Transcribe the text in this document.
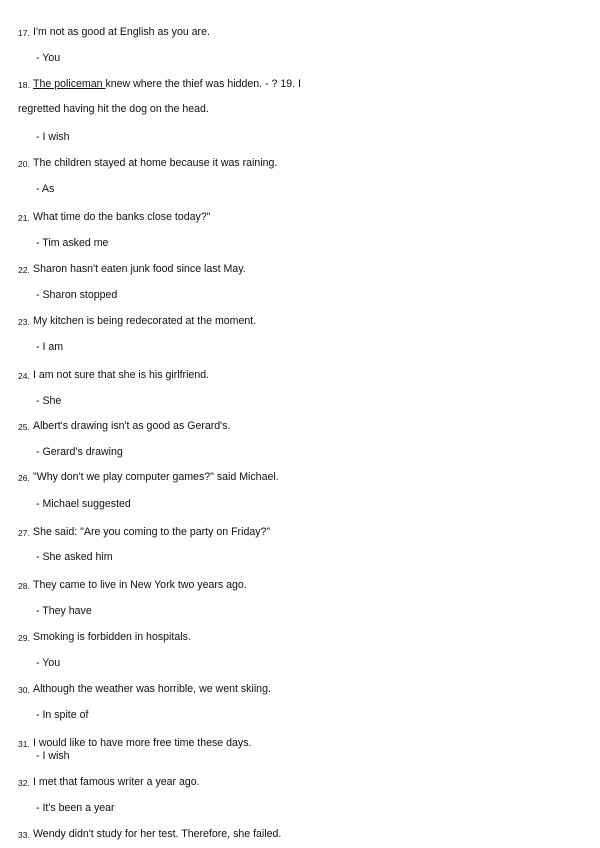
17. I'm not as good at English as you are.
- You
18. The policeman knew where the thief was hidden. - ? 19. I
regretted having hit the dog on the head.
- I wish
20. The children stayed at home because it was raining.
- As
21. What time do the banks close today?"
- Tim asked me
22. Sharon hasn't eaten junk food since last May.
- Sharon stopped
23. My kitchen is being redecorated at the moment.
- I am
24. I am not sure that she is his girlfriend.
- She
25. Albert's drawing isn't as good as Gerard's.
- Gerard's drawing
26. "Why don't we play computer games?" said Michael.
- Michael suggested
27. She said: "Are you coming to the party on Friday?"
- She asked him
28. They came to live in New York two years ago.
- They have
29. Smoking is forbidden in hospitals.
- You
30. Although the weather was horrible, we went skiing.
- In spite of
31. I would like to have more free time these days.
- I wish
32. I met that famous writer a year ago.
- It's been a year
33. Wendy didn't study for her test. Therefore, she failed.
